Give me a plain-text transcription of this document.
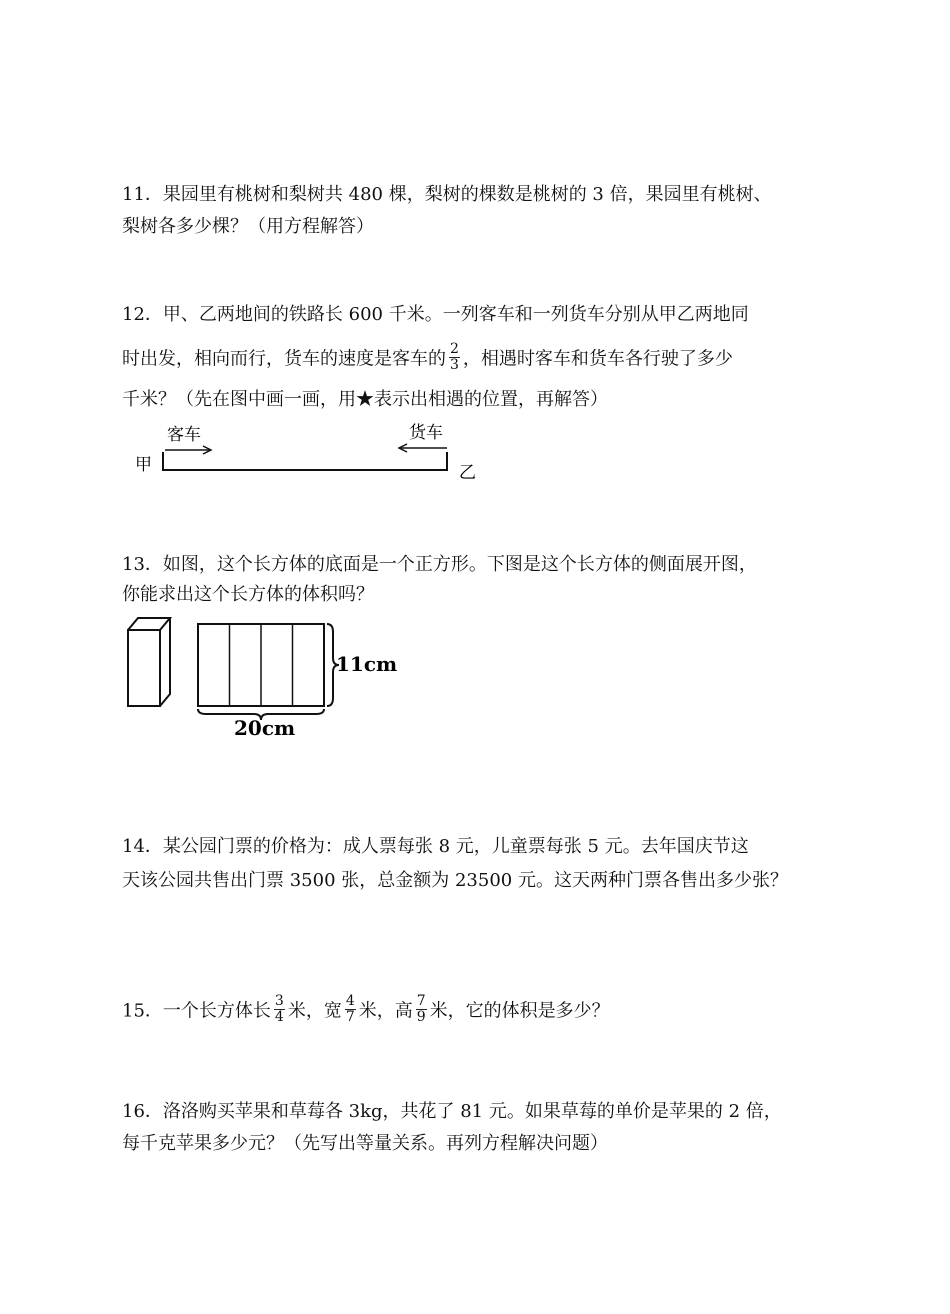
11．果园里有桃树和梨树共 480 棵，梨树的棵数是桃树的 3 倍，果园里有桃树、
梨树各多少棵？（用方程解答）
12．甲、乙两地间的铁路长 600 千米。一列客车和一列货车分别从甲乙两地同
时出发，相向而行，货车的速度是客车的 $\frac{2}{3}$ ，相遇时客车和货车各行驶了多少
千米？（先在图中画一画，用★表示出相遇的位置，再解答）
客车	货车
甲	乙
13．如图，这个长方体的底面是一个正方形。下图是这个长方体的侧面展开图，
你能求出这个长方体的体积吗？
11cm
20cm
14．某公园门票的价格为：成人票每张 8 元，儿童票每张 5 元。去年国庆节这
天该公园共售出门票 3500 张，总金额为 23500 元。这天两种门票各售出多少张？
15．一个长方体长 $\frac{3}{4}$ 米，宽 $\frac{4}{7}$ 米，高 $\frac{7}{9}$ 米，它的体积是多少？
16．洛洛购买苹果和草莓各 3kg，共花了 81 元。如果草莓的单价是苹果的 2 倍，
每千克苹果多少元？（先写出等量关系。再列方程解决问题）
